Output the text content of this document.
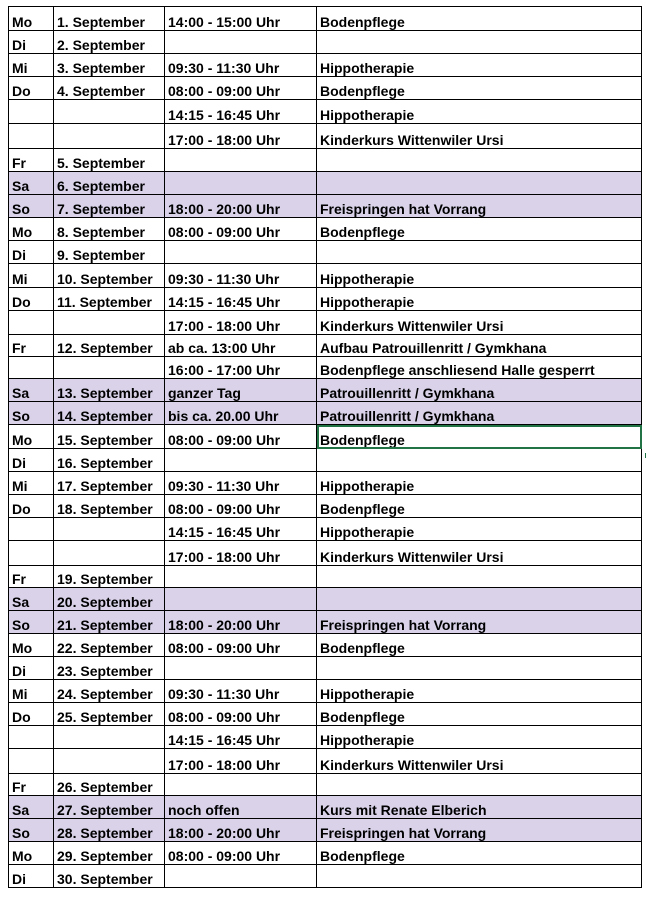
Mo	1. September	14:00 - 15:00 Uhr	Bodenpflege
Di	2. September		
Mi	3. September	09:30 - 11:30 Uhr	Hippotherapie
Do	4. September	08:00 - 09:00 Uhr	Bodenpflege
		14:15 - 16:45 Uhr	Hippotherapie
		17:00 - 18:00 Uhr	Kinderkurs Wittenwiler Ursi
Fr	5. September		
Sa	6. September		
So	7. September	18:00 - 20:00 Uhr	Freispringen hat Vorrang
Mo	8. September	08:00 - 09:00 Uhr	Bodenpflege
Di	9. September		
Mi	10. September	09:30 - 11:30 Uhr	Hippotherapie
Do	11. September	14:15 - 16:45 Uhr	Hippotherapie
		17:00 - 18:00 Uhr	Kinderkurs Wittenwiler Ursi
Fr	12. September	ab ca. 13:00 Uhr	Aufbau Patrouillenritt / Gymkhana
		16:00 - 17:00 Uhr	Bodenpflege anschliesend Halle gesperrt
Sa	13. September	ganzer Tag	Patrouillenritt / Gymkhana
So	14. September	bis ca. 20.00 Uhr	Patrouillenritt / Gymkhana
Mo	15. September	08:00 - 09:00 Uhr	Bodenpflege
Di	16. September		
Mi	17. September	09:30 - 11:30 Uhr	Hippotherapie
Do	18. September	08:00 - 09:00 Uhr	Bodenpflege
		14:15 - 16:45 Uhr	Hippotherapie
		17:00 - 18:00 Uhr	Kinderkurs Wittenwiler Ursi
Fr	19. September		
Sa	20. September		
So	21. September	18:00 - 20:00 Uhr	Freispringen hat Vorrang
Mo	22. September	08:00 - 09:00 Uhr	Bodenpflege
Di	23. September		
Mi	24. September	09:30 - 11:30 Uhr	Hippotherapie
Do	25. September	08:00 - 09:00 Uhr	Bodenpflege
		14:15 - 16:45 Uhr	Hippotherapie
		17:00 - 18:00 Uhr	Kinderkurs Wittenwiler Ursi
Fr	26. September		
Sa	27. September	noch offen	Kurs mit Renate Elberich
So	28. September	18:00 - 20:00 Uhr	Freispringen hat Vorrang
Mo	29. September	08:00 - 09:00 Uhr	Bodenpflege
Di	30. September		
